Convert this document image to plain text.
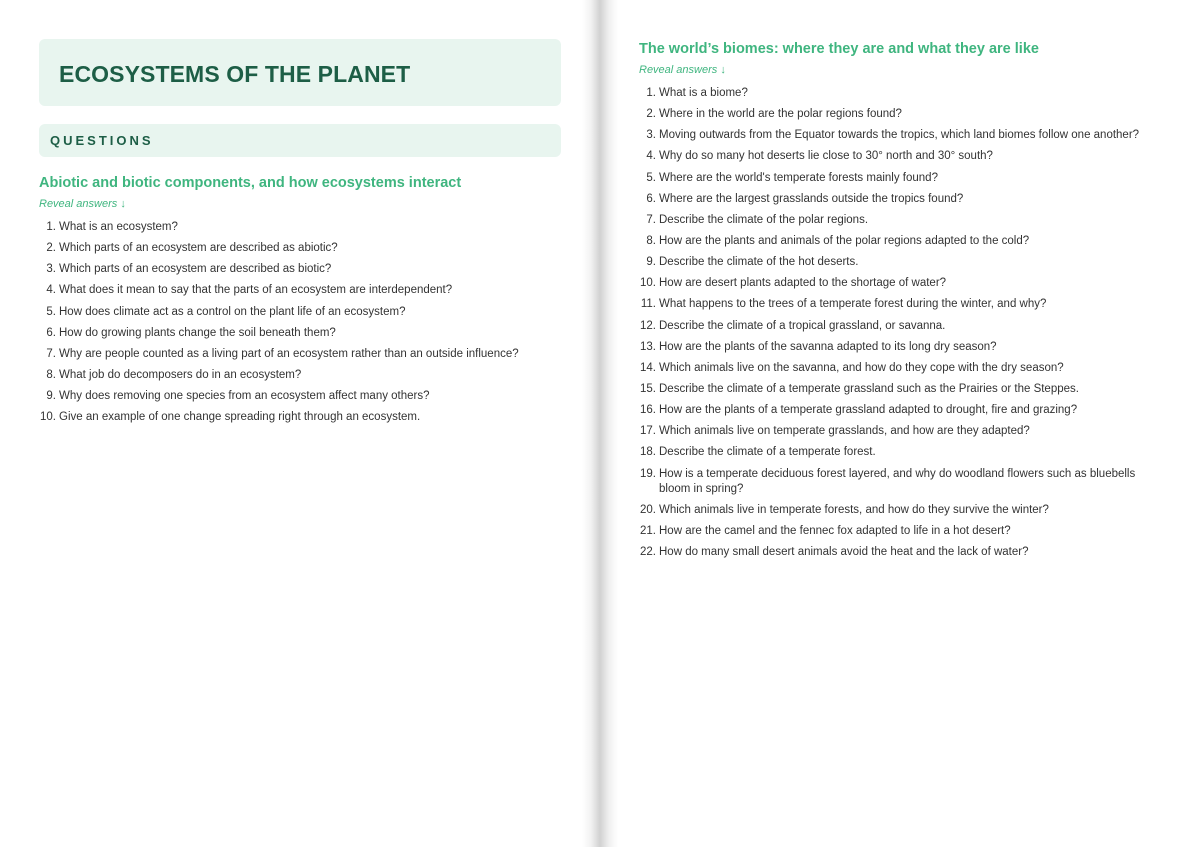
ECOSYSTEMS OF THE PLANET
QUESTIONS
Abiotic and biotic components, and how ecosystems interact
Reveal answers ↓
1. What is an ecosystem?
2. Which parts of an ecosystem are described as abiotic?
3. Which parts of an ecosystem are described as biotic?
4. What does it mean to say that the parts of an ecosystem are interdependent?
5. How does climate act as a control on the plant life of an ecosystem?
6. How do growing plants change the soil beneath them?
7. Why are people counted as a living part of an ecosystem rather than an outside influence?
8. What job do decomposers do in an ecosystem?
9. Why does removing one species from an ecosystem affect many others?
10. Give an example of one change spreading right through an ecosystem.
The world’s biomes: where they are and what they are like
Reveal answers ↓
1. What is a biome?
2. Where in the world are the polar regions found?
3. Moving outwards from the Equator towards the tropics, which land biomes follow one another?
4. Why do so many hot deserts lie close to 30° north and 30° south?
5. Where are the world's temperate forests mainly found?
6. Where are the largest grasslands outside the tropics found?
7. Describe the climate of the polar regions.
8. How are the plants and animals of the polar regions adapted to the cold?
9. Describe the climate of the hot deserts.
10. How are desert plants adapted to the shortage of water?
11. What happens to the trees of a temperate forest during the winter, and why?
12. Describe the climate of a tropical grassland, or savanna.
13. How are the plants of the savanna adapted to its long dry season?
14. Which animals live on the savanna, and how do they cope with the dry season?
15. Describe the climate of a temperate grassland such as the Prairies or the Steppes.
16. How are the plants of a temperate grassland adapted to drought, fire and grazing?
17. Which animals live on temperate grasslands, and how are they adapted?
18. Describe the climate of a temperate forest.
19. How is a temperate deciduous forest layered, and why do woodland flowers such as bluebells bloom in spring?
20. Which animals live in temperate forests, and how do they survive the winter?
21. How are the camel and the fennec fox adapted to life in a hot desert?
22. How do many small desert animals avoid the heat and the lack of water?
